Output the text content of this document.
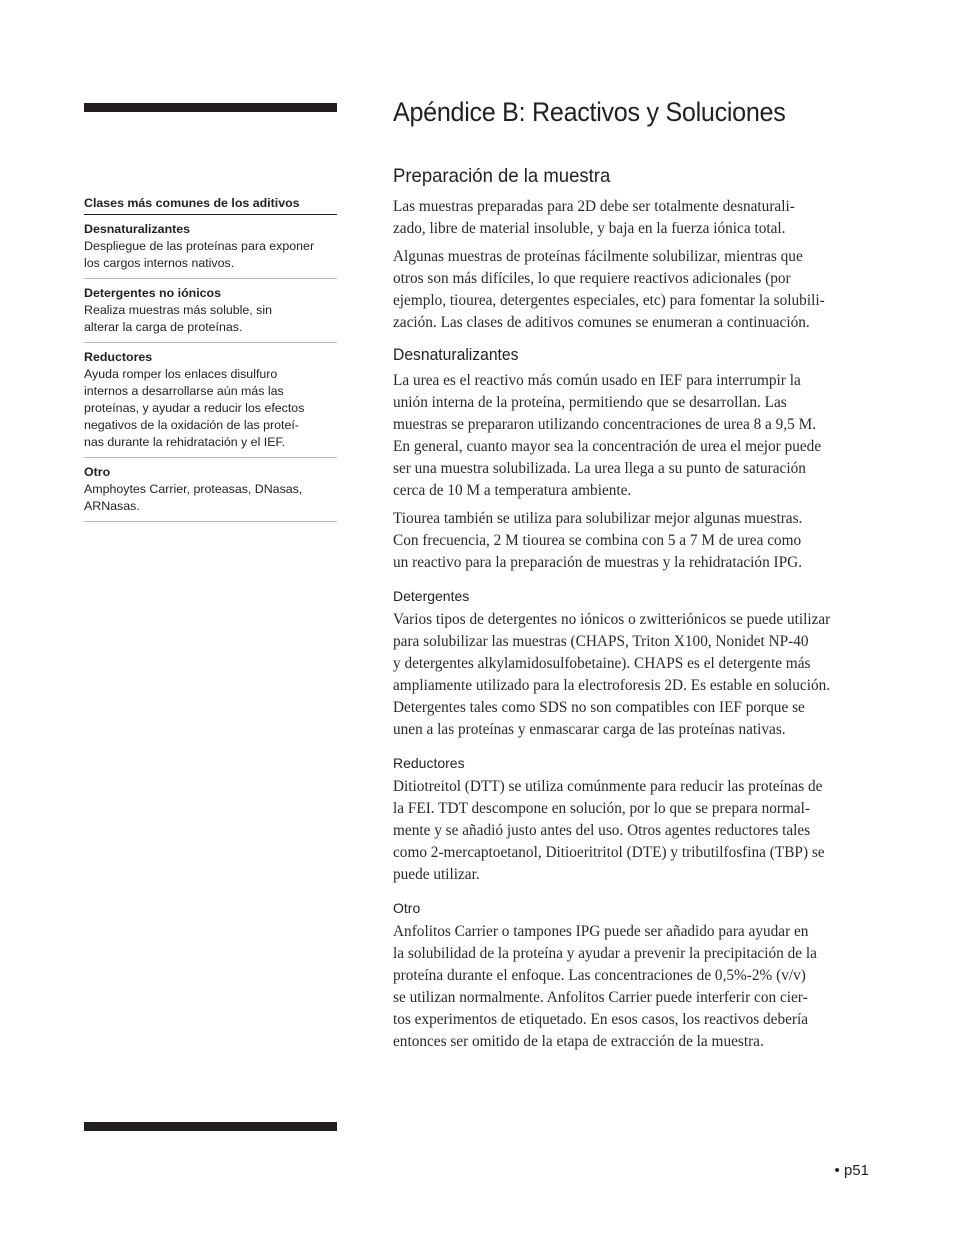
Clases más comunes de los aditivos
Desnaturalizantes
Despliegue de las proteínas para exponer
los cargos internos nativos.
Detergentes no iónicos
Realiza muestras más soluble, sin
alterar la carga de proteínas.
Reductores
Ayuda romper los enlaces disulfuro
internos a desarrollarse aún más las
proteínas, y ayudar a reducir los efectos
negativos de la oxidación de las proteí-
nas durante la rehidratación y el IEF.
Otro
Amphoytes Carrier, proteasas, DNasas,
ARNasas.
Apéndice B: Reactivos y Soluciones
Preparación de la muestra

Las muestras preparadas para 2D debe ser totalmente desnaturali-
zado, libre de material insoluble, y baja en la fuerza iónica total.

Algunas muestras de proteínas fácilmente solubilizar, mientras que
otros son más difíciles, lo que requiere reactivos adicionales (por
ejemplo, tiourea, detergentes especiales, etc) para fomentar la solubili-
zación. Las clases de aditivos comunes se enumeran a continuación.

Desnaturalizantes

La urea es el reactivo más común usado en IEF para interrumpir la
unión interna de la proteína, permitiendo que se desarrollan. Las
muestras se prepararon utilizando concentraciones de urea 8 a 9,5 M.
En general, cuanto mayor sea la concentración de urea el mejor puede
ser una muestra solubilizada. La urea llega a su punto de saturación
cerca de 10 M a temperatura ambiente.

Tiourea también se utiliza para solubilizar mejor algunas muestras.
Con frecuencia, 2 M tiourea se combina con 5 a 7 M de urea como
un reactivo para la preparación de muestras y la rehidratación IPG.

Detergentes

Varios tipos de detergentes no iónicos o zwitteriónicos se puede utilizar
para solubilizar las muestras (CHAPS, Triton X100, Nonidet NP-40
y detergentes alkylamidosulfobetaine). CHAPS es el detergente más
ampliamente utilizado para la electroforesis 2D. Es estable en solución.
Detergentes tales como SDS no son compatibles con IEF porque se
unen a las proteínas y enmascarar carga de las proteínas nativas.

Reductores

Ditiotreitol (DTT) se utiliza comúnmente para reducir las proteínas de
la FEI. TDT descompone en solución, por lo que se prepara normal-
mente y se añadió justo antes del uso. Otros agentes reductores tales
como 2-mercaptoetanol, Ditioeritritol (DTE) y tributilfosfina (TBP) se
puede utilizar.

Otro

Anfolitos Carrier o tampones IPG puede ser añadido para ayudar en
la solubilidad de la proteína y ayudar a prevenir la precipitación de la
proteína durante el enfoque. Las concentraciones de 0,5%-2% (v/v)
se utilizan normalmente. Anfolitos Carrier puede interferir con cier-
tos experimentos de etiquetado. En esos casos, los reactivos debería
entonces ser omitido de la etapa de extracción de la muestra.

• p51
